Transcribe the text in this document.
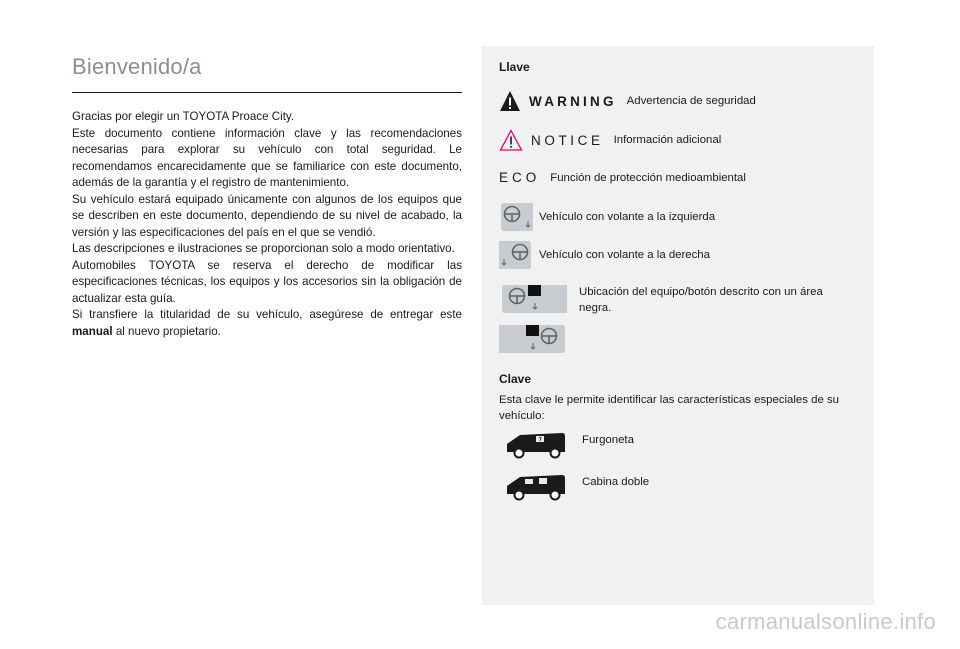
Bienvenido/a

Gracias por elegir un TOYOTA Proace City.

Este documento contiene información clave y las recomendaciones necesarias para explorar su vehículo con total seguridad. Le recomendamos encarecidamente que se familiarice con este documento, además de la garantía y el registro de mantenimiento.

Su vehículo estará equipado únicamente con algunos de los equipos que se describen en este documento, dependiendo de su nivel de acabado, la versión y las especificaciones del país en el que se vendió.

Las descripciones e ilustraciones se proporcionan solo a modo orientativo.

Automobiles TOYOTA se reserva el derecho de modificar las especificaciones técnicas, los equipos y los accesorios sin la obligación de actualizar esta guía.

Si transfiere la titularidad de su vehículo, asegúrese de entregar este manual al nuevo propietario.

Llave
WARNING Advertencia de seguridad
NOTICE Información adicional
ECO Función de protección medioambiental
Vehículo con volante a la izquierda
Vehículo con volante a la derecha
Ubicación del equipo/botón descrito con un área negra.
Clave
Esta clave le permite identificar las características especiales de su vehículo:
Furgoneta
Cabina doble
carmanualsonline.info
